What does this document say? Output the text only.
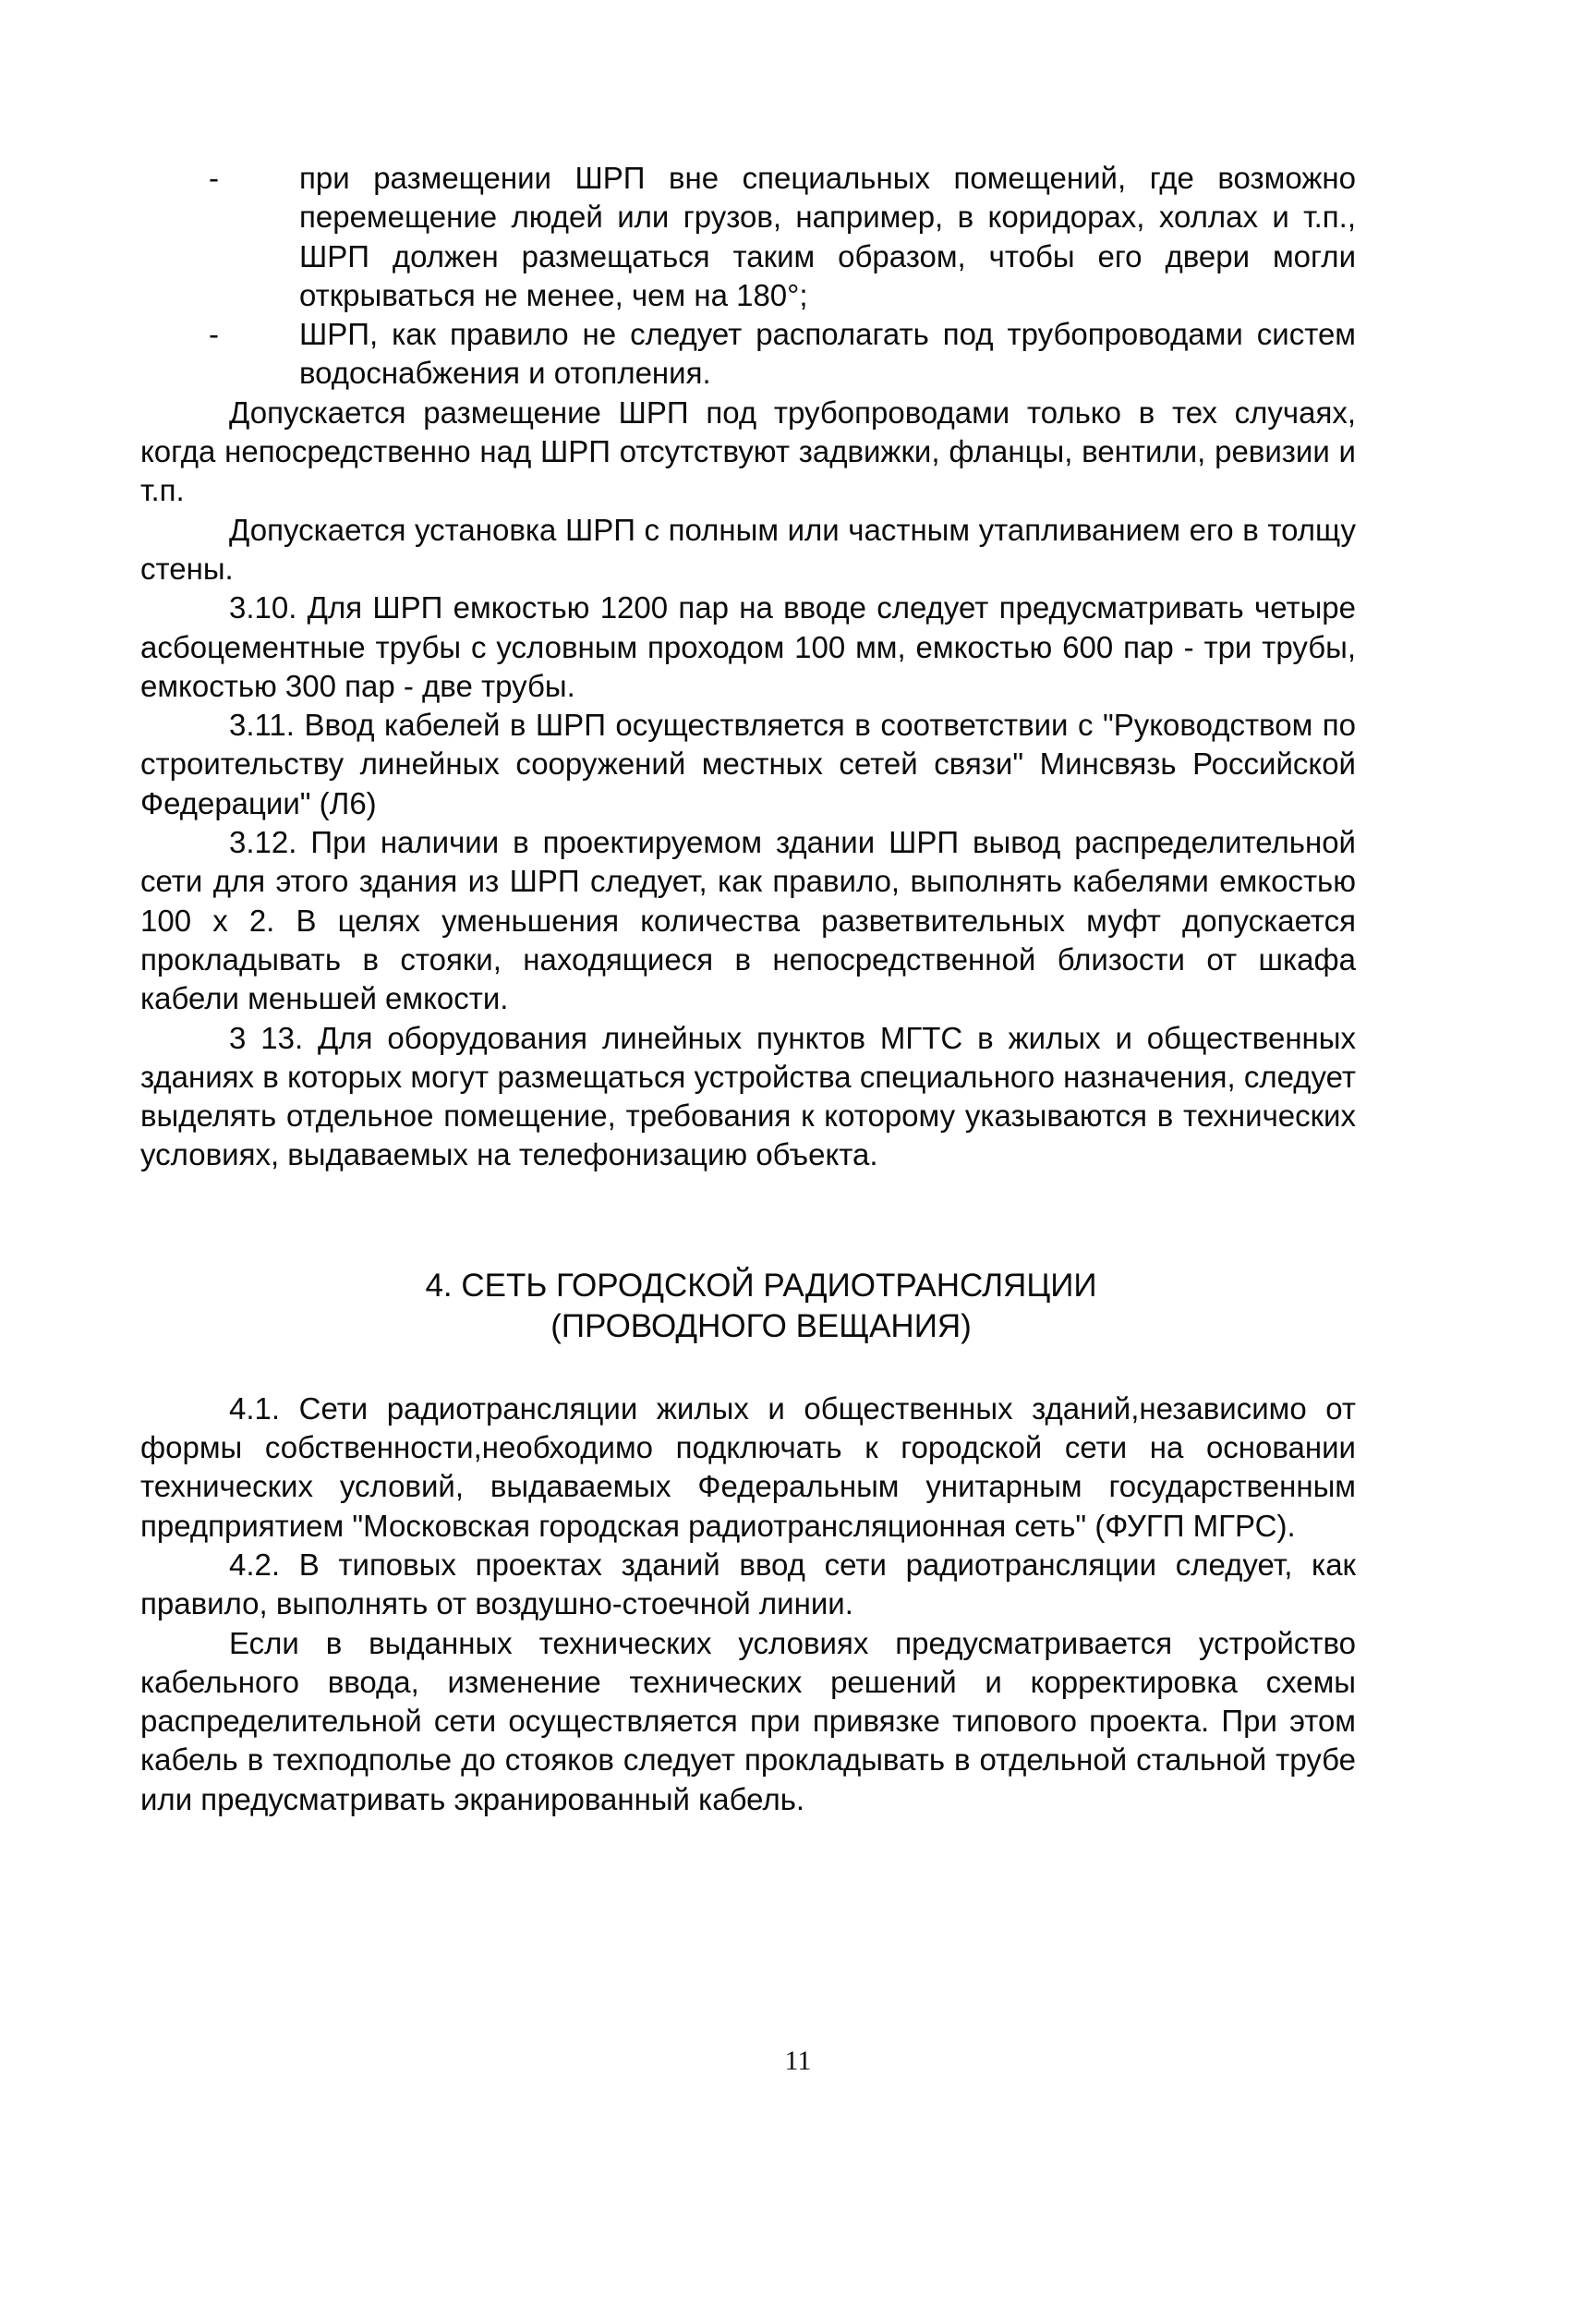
-	при размещении ШРП вне специальных помещений, где возможно перемещение людей или грузов, например, в коридорах, холлах и т.п., ШРП должен размещаться таким образом, чтобы его двери могли открываться не менее, чем на 180°;
-	ШРП, как правило не следует располагать под трубопроводами систем водоснабжения и отопления.

Допускается размещение ШРП под трубопроводами только в тех случаях, когда непосредственно над ШРП отсутствуют задвижки, фланцы, вентили, ревизии и т.п.

Допускается установка ШРП с полным или частным утапливанием его в толщу стены.

3.10. Для ШРП емкостью 1200 пар на вводе следует предусматривать четыре асбоцементные трубы с условным проходом 100 мм, емкостью 600 пар - три трубы, емкостью 300 пар - две трубы.

3.11. Ввод кабелей в ШРП осуществляется в соответствии с "Руководством по строительству линейных сооружений местных сетей связи" Минсвязь Российской Федерации" (Л6)

3.12. При наличии в проектируемом здании ШРП вывод распределительной сети для этого здания из ШРП следует, как правило, выполнять кабелями емкостью 100 х 2. В целях уменьшения количества разветвительных муфт допускается прокладывать в стояки, находящиеся в непосредственной близости от шкафа кабели меньшей емкости.

3 13. Для оборудования линейных пунктов МГТС в жилых и общественных зданиях в которых могут размещаться устройства специального назначения, следует выделять отдельное помещение, требования к которому указываются в технических условиях, выдаваемых на телефонизацию объекта.

4. СЕТЬ ГОРОДСКОЙ РАДИОТРАНСЛЯЦИИ

(ПРОВОДНОГО ВЕЩАНИЯ)

4.1. Сети радиотрансляции жилых и общественных зданий,независимо от формы собственности,необходимо подключать к городской сети на основании технических условий, выдаваемых Федеральным унитарным государственным предприятием "Московская городская радиотрансляционная сеть" (ФУГП МГРС).

4.2. В типовых проектах зданий ввод сети радиотрансляции следует, как правило, выполнять от воздушно-стоечной линии.

Если в выданных технических условиях предусматривается устройство кабельного ввода, изменение технических решений и корректировка схемы распределительной сети осуществляется при привязке типового проекта. При этом кабель в техподполье до стояков следует прокладывать в отдельной стальной трубе или предусматривать экранированный кабель.

11
